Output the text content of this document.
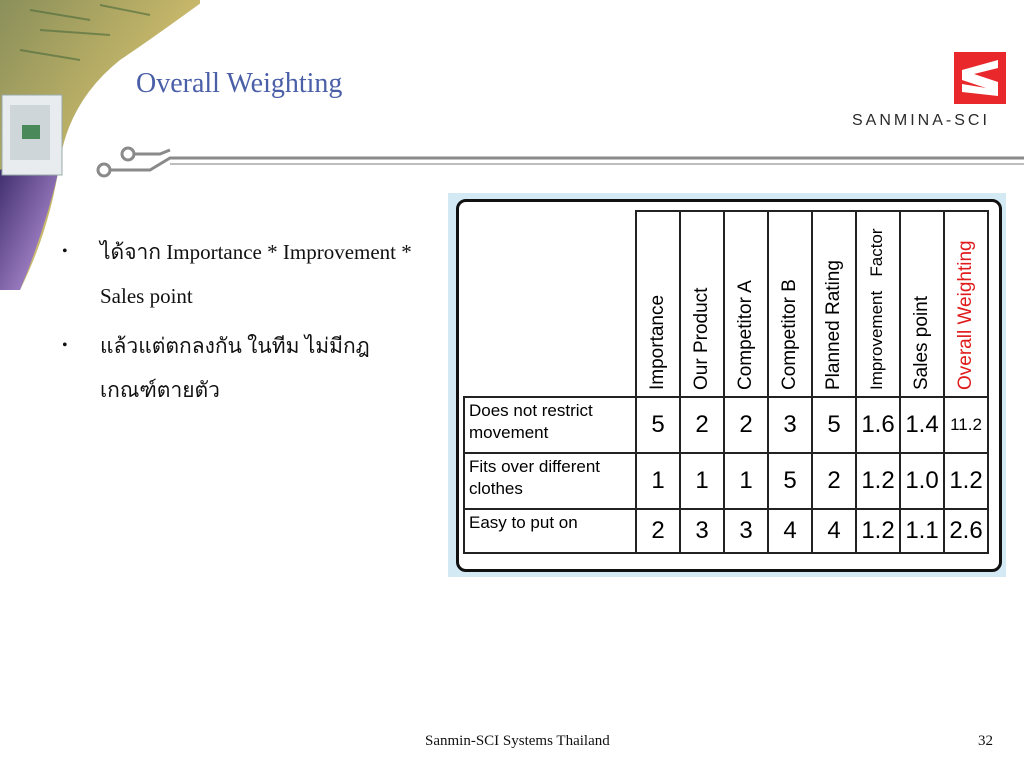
Overall Weighting
SANMINA-SCI
• ได้จาก Importance * Improvement * Sales point
• แล้วแต่ตกลงกัน ในทีม ไม่มีกฎเกณฑ์ตายตัว

	Importance	Our Product	Competitor A	Competitor B	Planned Rating	Improvement   Factor	Sales point	Overall Weighting

Does not restrict movement	5	2	2	3	5	1.6	1.4	11.2
Fits over different clothes	1	1	1	5	2	1.2	1.0	1.2
Easy to put on	2	3	3	4	4	1.2	1.1	2.6
Sanmin-SCI Systems Thailand	32
